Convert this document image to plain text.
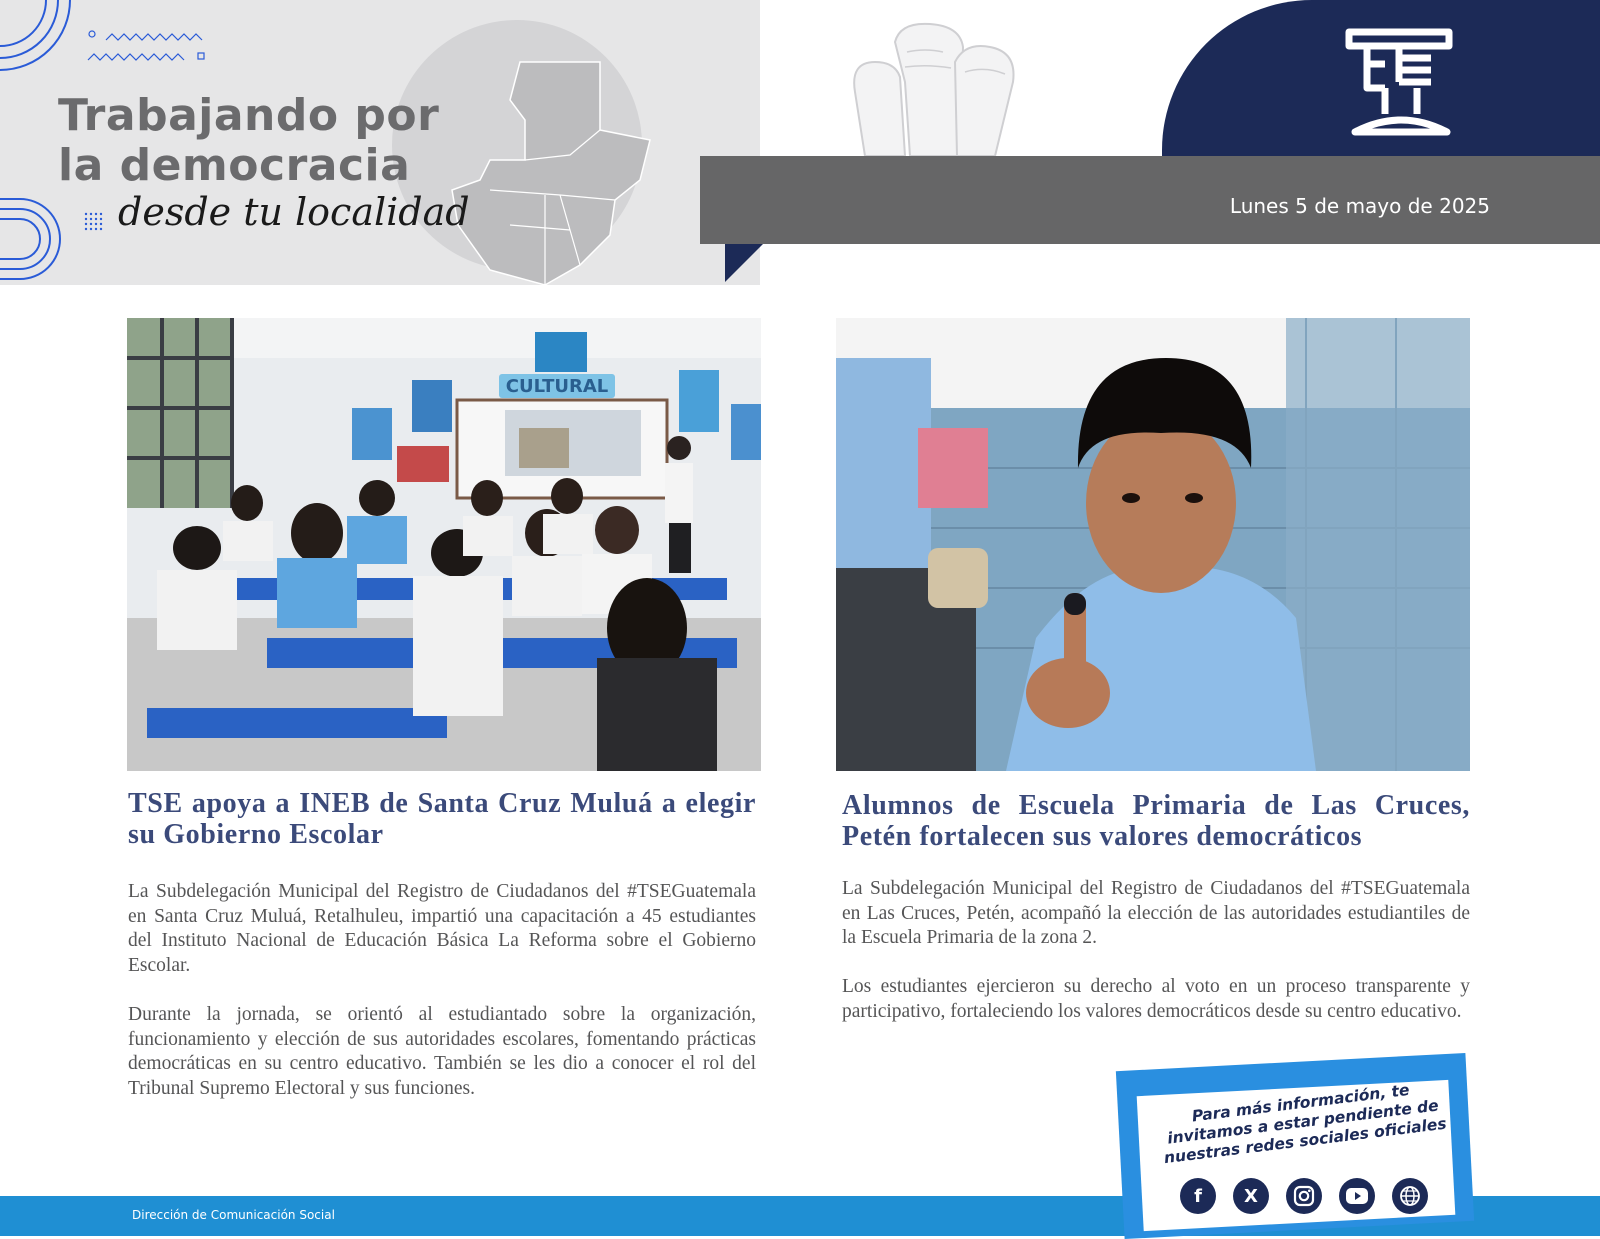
Trabajando por
la democracia
desde tu localidad	Lunes 5 de mayo de 2025
CULTURAL
TSE apoya a INEB de Santa Cruz Muluá a elegir su Gobierno Escolar

La Subdelegación Municipal del Registro de Ciudadanos del #TSEGuatemala en Santa Cruz Muluá, Retalhuleu, impartió una capacitación a 45 estudiantes del Instituto Nacional de Educación Básica La Reforma sobre el Gobierno Escolar.

Durante la jornada, se orientó al estudiantado sobre la organización, funcionamiento y elección de sus autoridades escolares, fomentando prácticas democráticas en su centro educativo. También se les dio a conocer el rol del Tribunal Supremo Electoral y sus funciones.

Alumnos de Escuela Primaria de Las Cruces, Petén fortalecen sus valores democráticos

La Subdelegación Municipal del Registro de Ciudadanos del #TSEGuatemala en Las Cruces, Petén, acompañó la elección de las autoridades estudiantiles de la Escuela Primaria de la zona 2.

Los estudiantes ejercieron su derecho al voto en un proceso transparente y participativo, fortaleciendo los valores democráticos desde su centro educativo.

Dirección de Comunicación Social
Para más información, te invitamos a estar pendiente de nuestras redes sociales oficiales
f	X
